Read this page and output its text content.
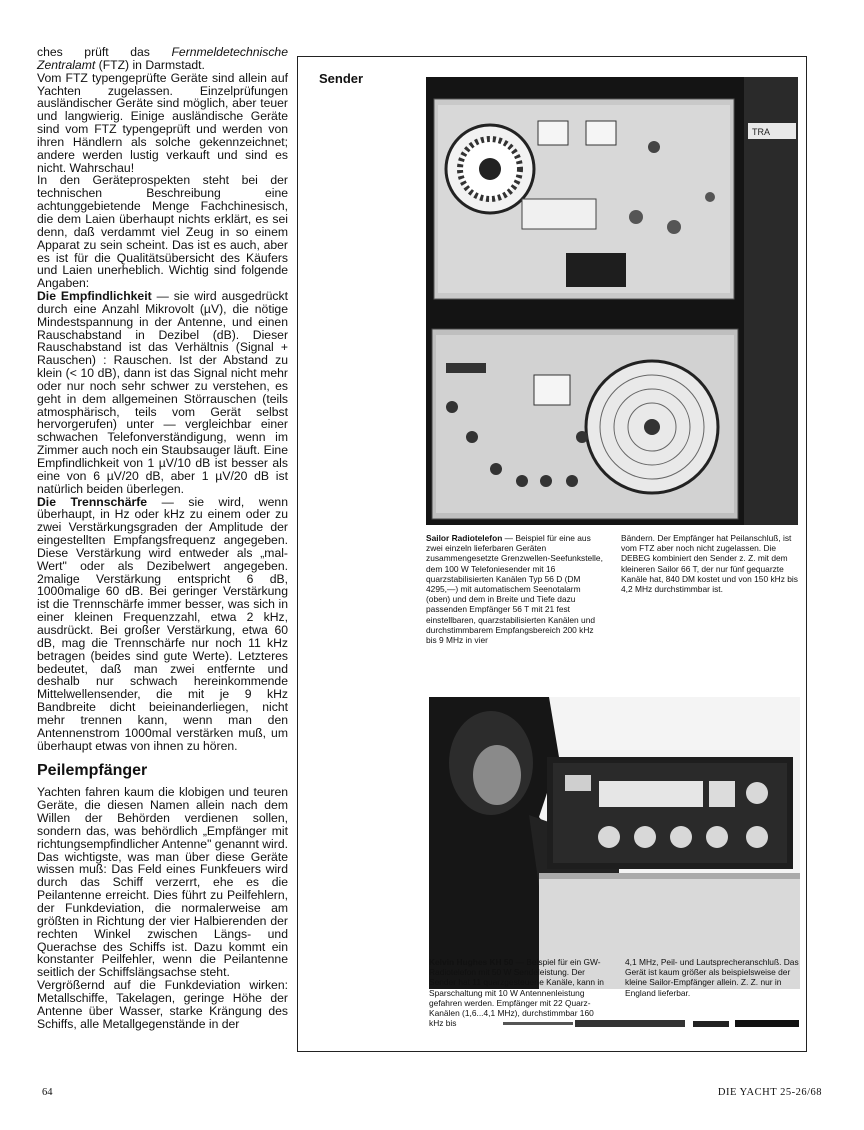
ches prüft das Fernmeldetechnische Zentralamt (FTZ) in Darmstadt.

Vom FTZ typengeprüfte Geräte sind allein auf Yachten zugelassen. Einzelprüfungen ausländischer Geräte sind möglich, aber teuer und langwierig. Einige ausländische Geräte sind vom FTZ typengeprüft und werden von ihren Händlern als solche gekennzeichnet; andere werden lustig verkauft und sind es nicht. Wahrschau!

In den Geräteprospekten steht bei der technischen Beschreibung eine achtunggebietende Menge Fachchinesisch, die dem Laien überhaupt nichts erklärt, es sei denn, daß verdammt viel Zeug in so einem Apparat zu sein scheint. Das ist es auch, aber es ist für die Qualitätsübersicht des Käufers und Laien unerheblich. Wichtig sind folgende Angaben:

Die Empfindlichkeit — sie wird ausgedrückt durch eine Anzahl Mikrovolt (µV), die nötige Mindestspannung in der Antenne, und einen Rauschabstand in Dezibel (dB). Dieser Rauschabstand ist das Verhältnis (Signal + Rauschen) : Rauschen. Ist der Abstand zu klein (< 10 dB), dann ist das Signal nicht mehr oder nur noch sehr schwer zu verstehen, es geht in dem allgemeinen Störrauschen (teils atmosphärisch, teils vom Gerät selbst hervorgerufen) unter — vergleichbar einer schwachen Telefonverständigung, wenn im Zimmer auch noch ein Staubsauger läuft. Eine Empfindlichkeit von 1 µV/10 dB ist besser als eine von 6 µV/20 dB, aber 1 µV/20 dB ist natürlich beiden überlegen.

Die Trennschärfe — sie wird, wenn überhaupt, in Hz oder kHz zu einem oder zu zwei Verstärkungsgraden der Amplitude der eingestellten Empfangsfrequenz angegeben. Diese Verstärkung wird entweder als „mal-Wert" oder als Dezibelwert angegeben. 2malige Verstärkung entspricht 6 dB, 1000malige 60 dB. Bei geringer Verstärkung ist die Trennschärfe immer besser, was sich in einer kleinen Frequenzzahl, etwa 2 kHz, ausdrückt. Bei großer Verstärkung, etwa 60 dB, mag die Trennschärfe nur noch 11 kHz betragen (beides sind gute Werte). Letzteres bedeutet, daß man zwei entfernte und deshalb nur schwach hereinkommende Mittelwellensender, die mit je 9 kHz Bandbreite dicht beieinanderliegen, nicht mehr trennen kann, wenn man den Antennenstrom 1000mal verstärken muß, um überhaupt etwas von ihnen zu hören.

Peilempfänger

Yachten fahren kaum die klobigen und teuren Geräte, die diesen Namen allein nach dem Willen der Behörden verdienen sollen, sondern das, was behördlich „Empfänger mit richtungsempfindlicher Antenne" genannt wird. Das wichtigste, was man über diese Geräte wissen muß: Das Feld eines Funkfeuers wird durch das Schiff verzerrt, ehe es die Peilantenne erreicht. Dies führt zu Peilfehlern, der Funkdeviation, die normalerweise am größten in Richtung der vier Halbierenden der rechten Winkel zwischen Längs- und Querachse des Schiffs ist. Dazu kommt ein konstanter Peilfehler, wenn die Peilantenne seitlich der Schiffslängsachse steht.

Vergrößernd auf die Funkdeviation wirken: Metallschiffe, Takelagen, geringe Höhe der Antenne über Wasser, starke Krängung des Schiffs, alle Metallgegenstände in der

Sender
TRA
Sailor Radiotelefon — Beispiel für eine aus zwei einzeln lieferbaren Geräten zusammengesetzte Grenzwellen-Seefunkstelle, dem 100 W Telefoniesender mit 16 quarzstabilisierten Kanälen Typ 56 D (DM 4295,—) mit automatischem Seenotalarm (oben) und dem in Breite und Tiefe dazu passenden Empfänger 56 T mit 21 fest einstellbaren, quarzstabilisierten Kanälen und durchstimmbarem Empfangsbereich 200 kHz bis 9 MHz in vier
Bändern. Der Empfänger hat Peilanschluß, ist vom FTZ aber noch nicht zugelassen. Die DEBEG kombiniert den Sender z. Z. mit dem kleineren Sailor 66 T, der nur fünf gequarzte Kanäle hat, 840 DM kostet und von 150 kHz bis 4,2 MHz durchstimmbar ist.
Kelvin Hughes KH 50 — Beispiel für ein GW-Radiotelefon mit 50 W Sendeleistung. Der Sender hat 11 quarzgesteuerte Kanäle, kann in Sparschaltung mit 10 W Antennenleistung gefahren werden. Empfänger mit 22 Quarz-Kanälen (1,6...4,1 MHz), durchstimmbar 160 kHz bis
4,1 MHz, Peil- und Lautsprecheranschluß. Das Gerät ist kaum größer als beispielsweise der kleine Sailor-Empfänger allein. Z. Z. nur in England lieferbar.
64	DIE YACHT 25-26/68
